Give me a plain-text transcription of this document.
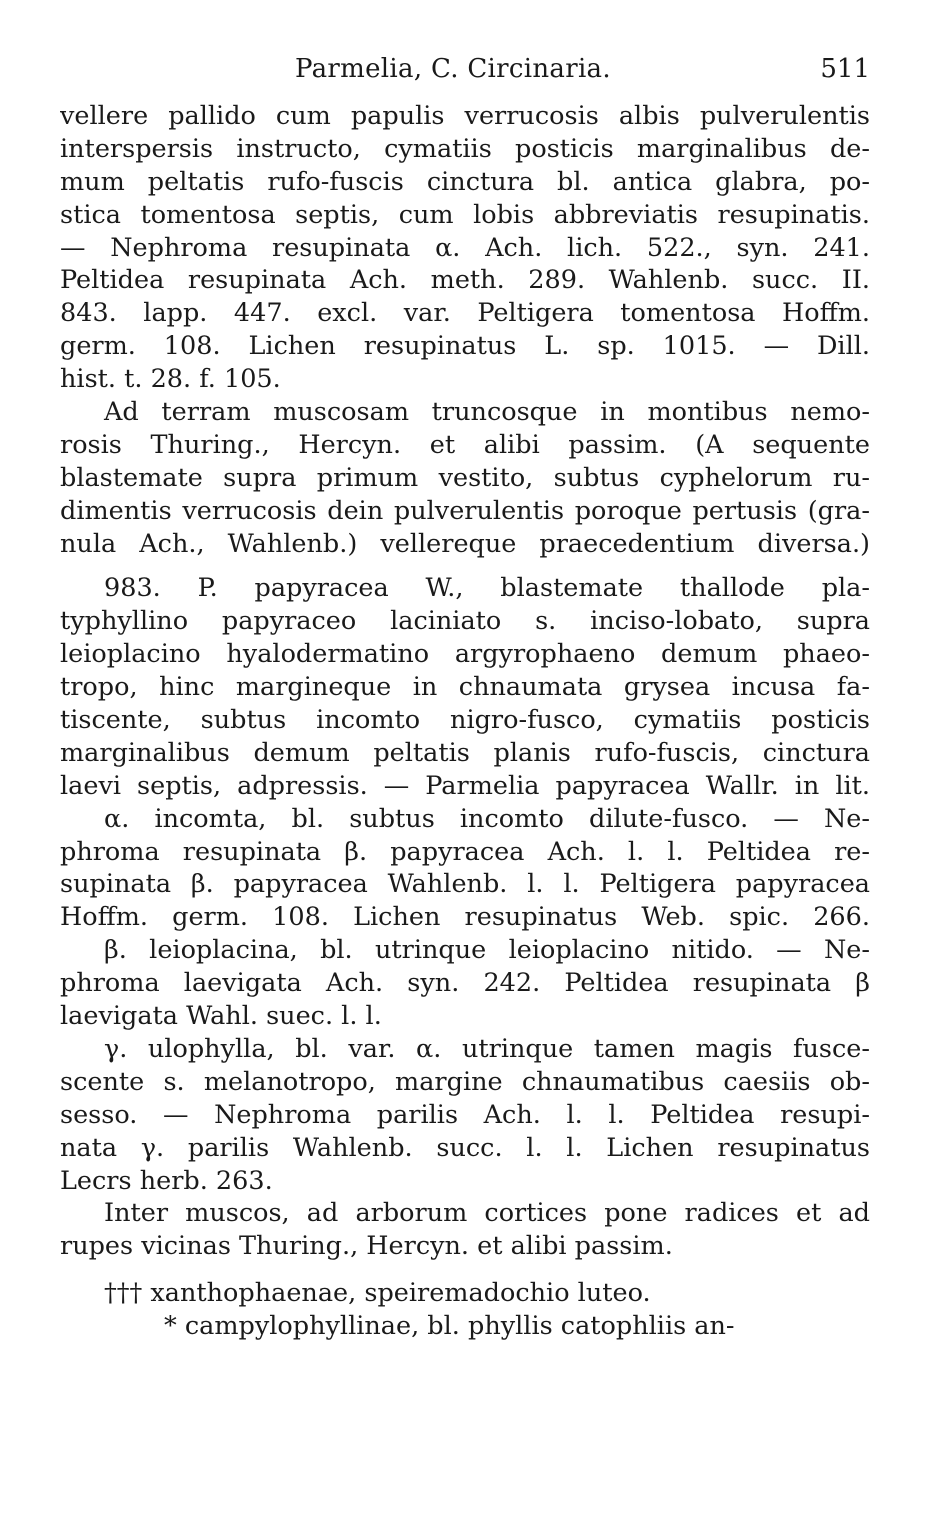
Parmelia, C. Circinaria.	511
vellere pallido cum papulis verrucosis albis pulverulentis
interspersis instructo, cymatiis posticis marginalibus de-
mum peltatis rufo-fuscis cinctura bl. antica glabra, po-
stica tomentosa septis, cum lobis abbreviatis resupinatis.
— Nephroma resupinata α. Ach. lich. 522., syn. 241.
Peltidea resupinata Ach. meth. 289. Wahlenb. succ. II.
843. lapp. 447. excl. var. Peltigera tomentosa Hoffm.
germ. 108. Lichen resupinatus L. sp. 1015. — Dill.
hist. t. 28. f. 105.
Ad terram muscosam truncosque in montibus nemo-
rosis Thuring., Hercyn. et alibi passim. (A sequente
blastemate supra primum vestito, subtus cyphelorum ru-
dimentis verrucosis dein pulverulentis poroque pertusis (gra-
nula Ach., Wahlenb.) vellereque praecedentium diversa.)
983. P. papyracea W., blastemate thallode pla-
typhyllino papyraceo laciniato s. inciso-lobato, supra
leioplacino hyalodermatino argyrophaeno demum phaeo-
tropo, hinc margineque in chnaumata grysea incusa fa-
tiscente, subtus incomto nigro-fusco, cymatiis posticis
marginalibus demum peltatis planis rufo-fuscis, cinctura
laevi septis, adpressis. — Parmelia papyracea Wallr. in lit.
α. incomta, bl. subtus incomto dilute-fusco. — Ne-
phroma resupinata β. papyracea Ach. l. l. Peltidea re-
supinata β. papyracea Wahlenb. l. l. Peltigera papyracea
Hoffm. germ. 108. Lichen resupinatus Web. spic. 266.
β. leioplacina, bl. utrinque leioplacino nitido. — Ne-
phroma laevigata Ach. syn. 242. Peltidea resupinata β
laevigata Wahl. suec. l. l.
γ. ulophylla, bl. var. α. utrinque tamen magis fusce-
scente s. melanotropo, margine chnaumatibus caesiis ob-
sesso. — Nephroma parilis Ach. l. l. Peltidea resupi-
nata γ. parilis Wahlenb. succ. l. l. Lichen resupinatus
Lecrs herb. 263.
Inter muscos, ad arborum cortices pone radices et ad
rupes vicinas Thuring., Hercyn. et alibi passim.
††† xanthophaenae, speiremadochio luteo.
* campylophyllinae, bl. phyllis catophliis an-
